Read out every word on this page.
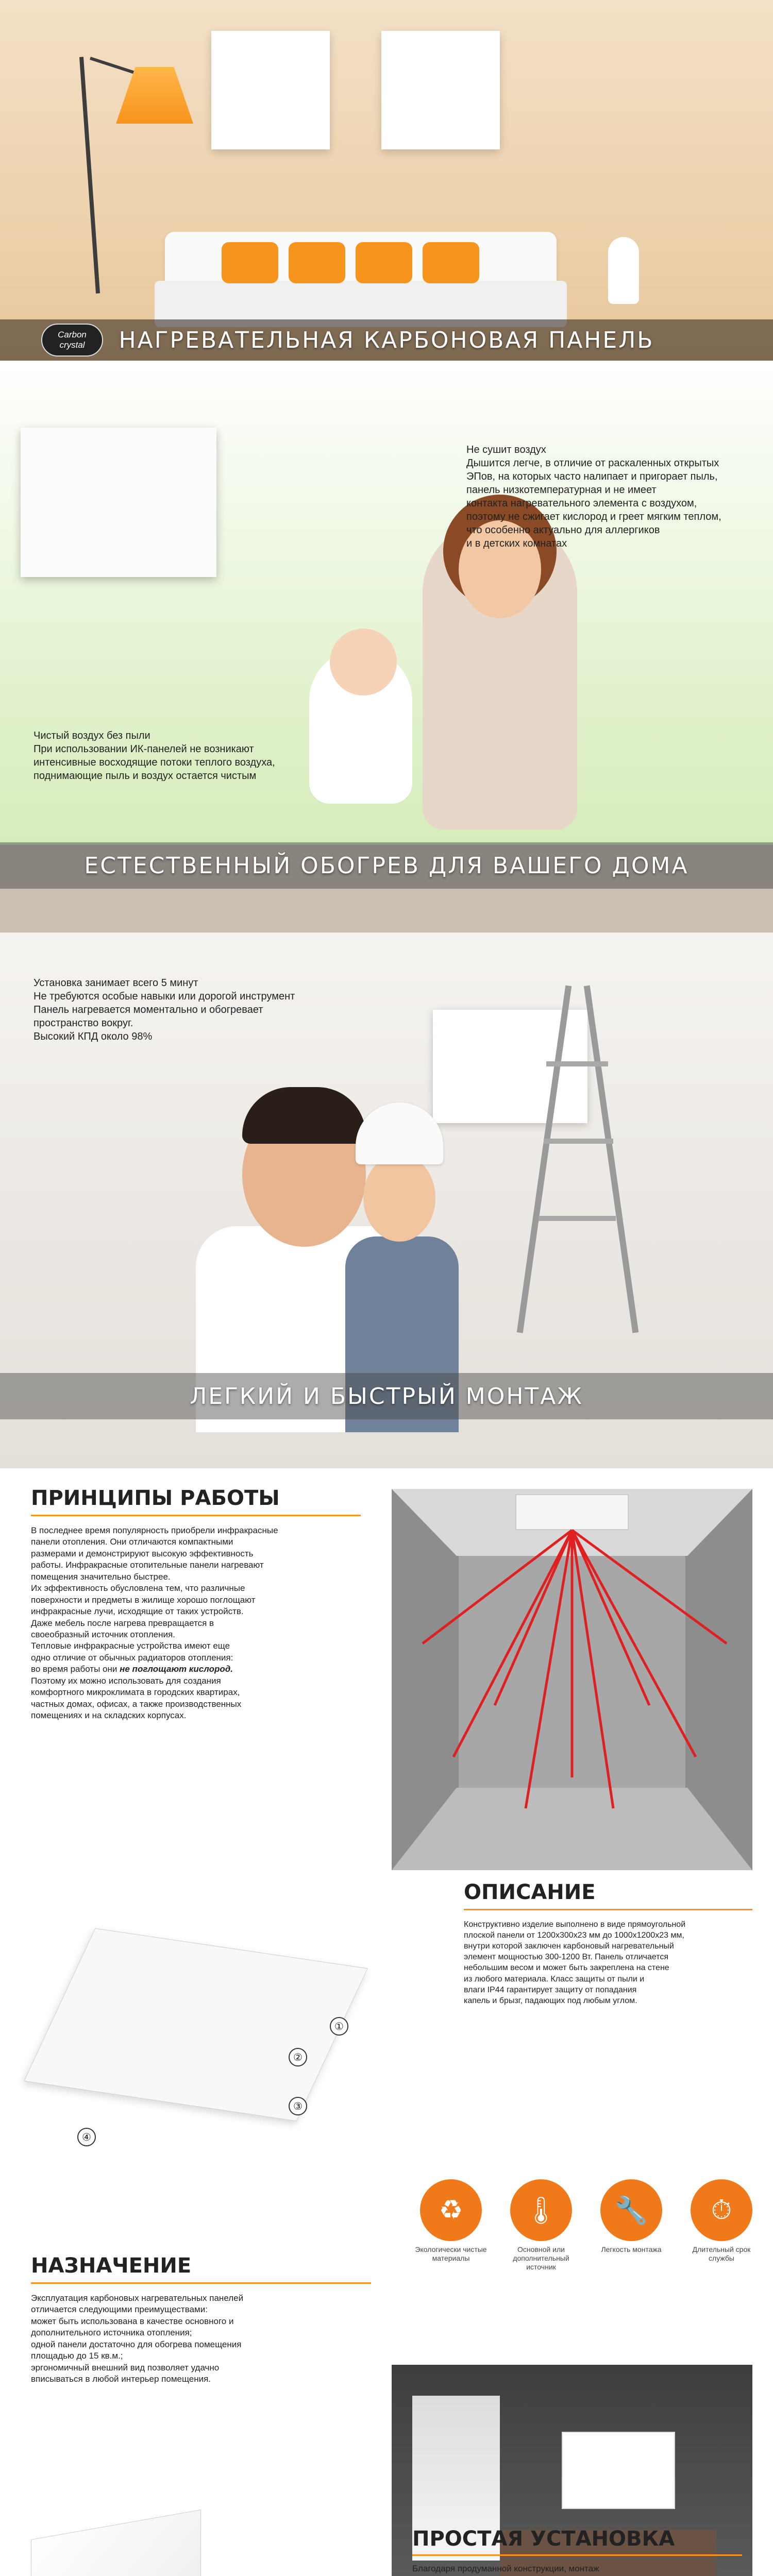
НАГРЕВАТЕЛЬНАЯ КАРБОНОВАЯ ПАНЕЛЬ
Carbon
crystal
Не сушит воздух
Дышится легче, в отличие от раскаленных открытых
ЭПов, на которых часто налипает и пригорает пыль,
панель низкотемпературная и не имеет
контакта нагревательного элемента с воздухом,
поэтому не сжигает кислород и греет мягким теплом,
что особенно актуально для аллергиков
и в детских комнатах
Чистый воздух без пыли
При использовании ИК-панелей не возникают
интенсивные восходящие потоки теплого воздуха,
поднимающие пыль и воздух остается чистым
ЕСТЕСТВЕННЫЙ ОБОГРЕВ ДЛЯ ВАШЕГО ДОМА
Установка занимает всего 5 минут
Не требуются особые навыки или дорогой инструмент
Панель нагревается моментально и обогревает
пространство вокруг.
Высокий КПД около 98%
ЛЕГКИЙ И БЫСТРЫЙ МОНТАЖ
ПРИНЦИПЫ РАБОТЫ
В последнее время популярность приобрели инфракрасные
панели отопления. Они отличаются компактными
размерами и демонстрируют высокую эффективность
работы. Инфракрасные отопительные панели нагревают
помещения значительно быстрее.
Их эффективность обусловлена тем, что различные
поверхности и предметы в жилище хорошо поглощают
инфракрасные лучи, исходящие от таких устройств.
Даже мебель после нагрева превращается в
своеобразный источник отопления.
Тепловые инфракрасные устройства имеют еще
одно отличие от обычных радиаторов отопления:
во время работы они не поглощают кислород.
Поэтому их можно использовать для создания
комфортного микроклимата в городских квартирах,
частных домах, офисах, а также производственных
помещениях и на складских корпусах.
①
②
③
④
ОПИСАНИЕ
Конструктивно изделие выполнено в виде прямоугольной
плоской панели от 1200x300x23 мм до 1000x1200x23 мм,
внутри которой заключен карбоновый нагревательный
элемент мощностью 300-1200 Вт. Панель отличается
небольшим весом и может быть закреплена на стене
из любого материала. Класс защиты от пыли и
влаги IP44 гарантирует защиту от попадания
капель и брызг, падающих под любым углом.
♻
Экологически чистые материалы
🌡
Основной или дополнительный источник
🔧
Легкость монтажа
⏱
Длительный срок службы
НАЗНАЧЕНИЕ
Эксплуатация карбоновых нагревательных панелей
отличается следующими преимуществами:
может быть использована в качестве основного и
дополнительного источника отопления;
одной панели достаточно для обогрева помещения
площадью до 15 кв.м.;
эргономичный внешний вид позволяет удачно
вписываться в любой интерьер помещения.
ПРОСТАЯ УСТАНОВКА
Благодаря продуманной конструкции, монтаж
